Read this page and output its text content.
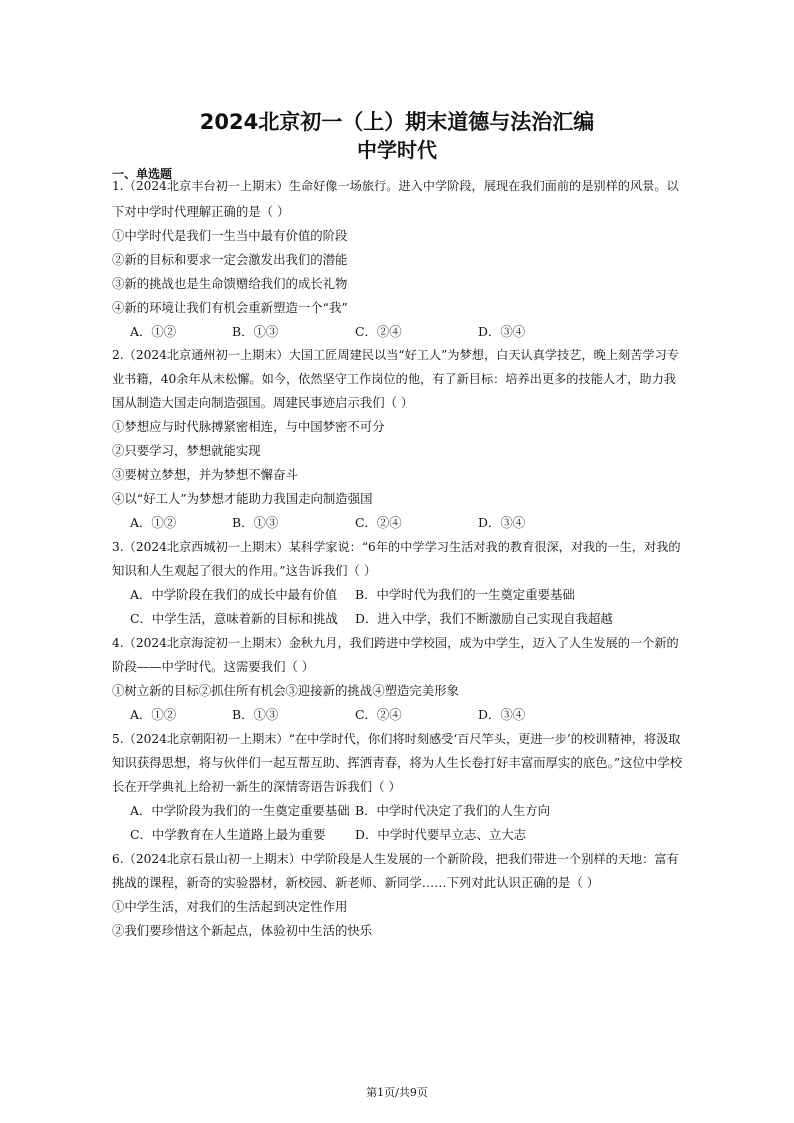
2024北京初一（上）期末道德与法治汇编
中学时代
一、单选题
1.（2024北京丰台初一上期末）生命好像一场旅行。进入中学阶段，展现在我们面前的是别样的风景。以
下对中学时代理解正确的是（ ）
①中学时代是我们一生当中最有价值的阶段
②新的目标和要求一定会激发出我们的潜能
③新的挑战也是生命馈赠给我们的成长礼物
④新的环境让我们有机会重新塑造一个“我”
A．①②	B．①③	C．②④	D．③④
2.（2024北京通州初一上期末）大国工匠周建民以当“好工人”为梦想，白天认真学技艺，晚上刻苦学习专
业书籍，40余年从未松懈。如今，依然坚守工作岗位的他，有了新目标：培养出更多的技能人才，助力我
国从制造大国走向制造强国。周建民事迹启示我们（ ）
①梦想应与时代脉搏紧密相连，与中国梦密不可分
②只要学习，梦想就能实现
③要树立梦想，并为梦想不懈奋斗
④以“好工人”为梦想才能助力我国走向制造强国
A．①②	B．①③	C．②④	D．③④
3.（2024北京西城初一上期末）某科学家说：“6年的中学学习生活对我的教育很深，对我的一生，对我的
知识和人生观起了很大的作用。”这告诉我们（ ）
A．中学阶段在我们的成长中最有价值 B．中学时代为我们的一生奠定重要基础
C．中学生活，意味着新的目标和挑战 D．进入中学，我们不断激励自己实现自我超越
4.（2024北京海淀初一上期末）金秋九月，我们跨进中学校园，成为中学生，迈入了人生发展的一个新的
阶段——中学时代。这需要我们（ ）
①树立新的目标②抓住所有机会③迎接新的挑战④塑造完美形象
A．①②	B．①③	C．②④	D．③④
5.（2024北京朝阳初一上期末）“在中学时代，你们将时刻感受‘百尺竿头，更进一步’的校训精神，将汲取
知识获得思想，将与伙伴们一起互帮互助、挥洒青春，将为人生长卷打好丰富而厚实的底色。”这位中学校
长在开学典礼上给初一新生的深情寄语告诉我们（ ）
A．中学阶段为我们的一生奠定重要基础 B．中学时代决定了我们的人生方向
C．中学教育在人生道路上最为重要 D．中学时代要早立志、立大志
6.（2024北京石景山初一上期末）中学阶段是人生发展的一个新阶段，把我们带进一个别样的天地：富有
挑战的课程，新奇的实验器材，新校园、新老师、新同学……下列对此认识正确的是（ ）
①中学生活，对我们的生活起到决定性作用
②我们要珍惜这个新起点，体验初中生活的快乐
第1页/共9页
